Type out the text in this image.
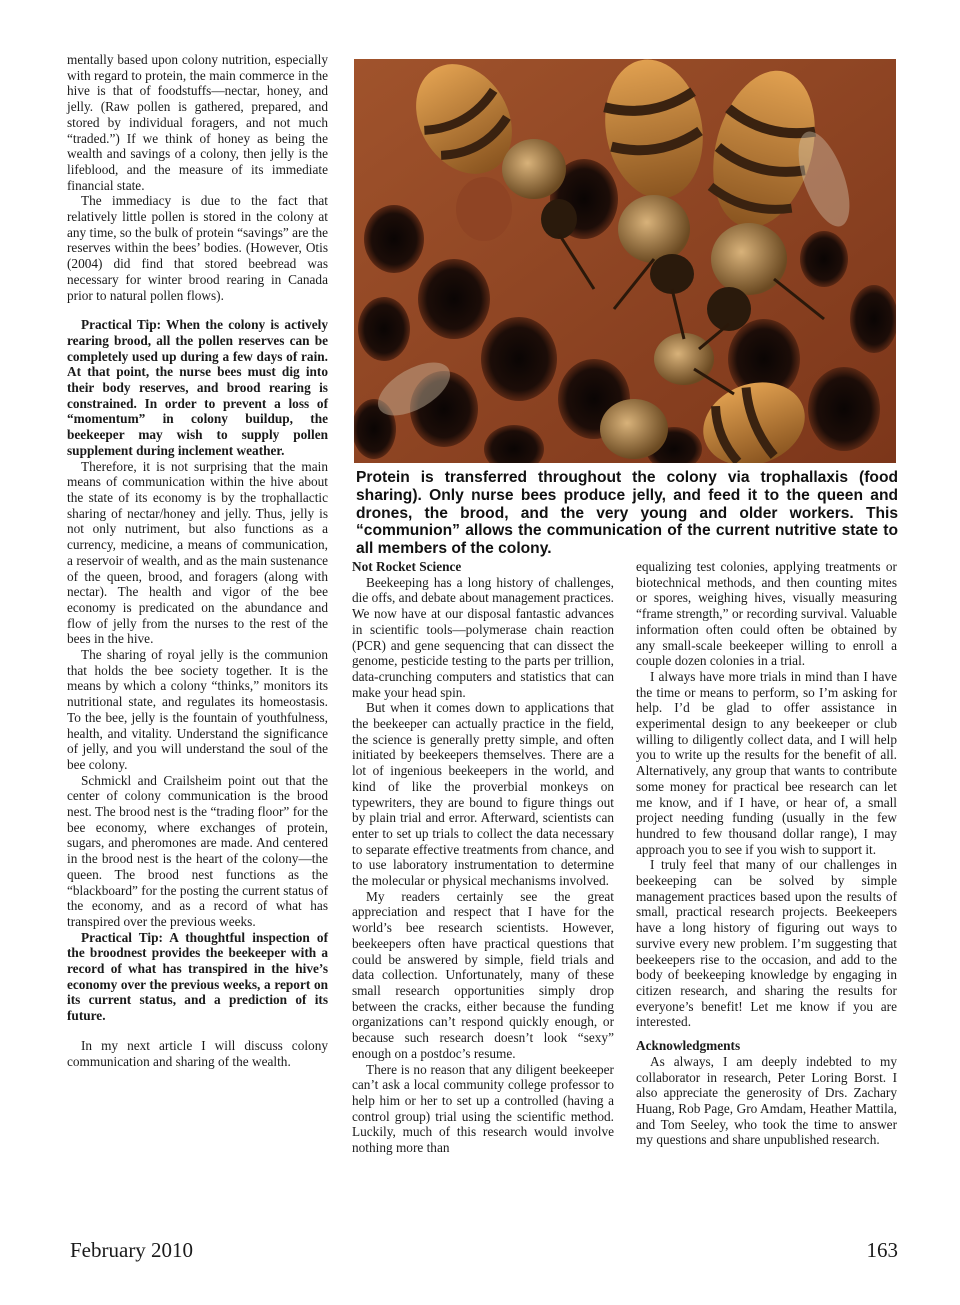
mentally based upon colony nutrition, especially with regard to protein, the main commerce in the hive is that of foodstuffs—nectar, honey, and jelly. (Raw pollen is gathered, prepared, and stored by individual foragers, and not much “traded.”) If we think of honey as being the wealth and savings of a colony, then jelly is the lifeblood, and the measure of its immediate financial state.

The immediacy is due to the fact that relatively little pollen is stored in the colony at any time, so the bulk of protein “savings” are the reserves within the bees’ bodies. (However, Otis (2004) did find that stored beebread was necessary for winter brood rearing in Canada prior to natural pollen flows).

Practical Tip: When the colony is actively rearing brood, all the pollen reserves can be completely used up during a few days of rain. At that point, the nurse bees must dig into their body reserves, and brood rearing is constrained. In order to prevent a loss of “momentum” in colony buildup, the beekeeper may wish to supply pollen supplement during inclement weather.

Therefore, it is not surprising that the main means of communication within the hive about the state of its economy is by the trophallactic sharing of nectar/honey and jelly. Thus, jelly is not only nutriment, but also functions as a currency, medicine, a means of communication, a reservoir of wealth, and as the main sustenance of the queen, brood, and foragers (along with nectar). The health and vigor of the bee economy is predicated on the abundance and flow of jelly from the nurses to the rest of the bees in the hive.

The sharing of royal jelly is the communion that holds the bee society together. It is the means by which a colony “thinks,” monitors its nutritional state, and regulates its homeostasis. To the bee, jelly is the fountain of youthfulness, health, and vitality. Understand the significance of jelly, and you will understand the soul of the bee colony.

Schmickl and Crailsheim point out that the center of colony communication is the brood nest. The brood nest is the “trading floor” for the bee economy, where exchanges of protein, sugars, and pheromones are made. And centered in the brood nest is the heart of the colony—the queen. The brood nest functions as the “blackboard” for the posting the current status of the economy, and as a record of what has transpired over the previous weeks.

Practical Tip: A thoughtful inspection of the broodnest provides the beekeeper with a record of what has transpired in the hive’s economy over the previous weeks, a report on its current status, and a prediction of its future.

In my next article I will discuss colony communication and sharing of the wealth.

Protein is transferred throughout the colony via trophallaxis (food sharing). Only nurse bees produce jelly, and feed it to the queen and drones, the brood, and the very young and older workers. This “communion” allows the communication of the current nutritive state to all members of the colony.
Not Rocket Science

Beekeeping has a long history of challenges, die offs, and debate about management practices. We now have at our disposal fantastic advances in scientific tools—polymerase chain reaction (PCR) and gene sequencing that can dissect the genome, pesticide testing to the parts per trillion, data-crunching computers and statistics that can make your head spin.

But when it comes down to applications that the beekeeper can actually practice in the field, the science is generally pretty simple, and often initiated by beekeepers themselves. There are a lot of ingenious beekeepers in the world, and kind of like the proverbial monkeys on typewriters, they are bound to figure things out by plain trial and error. Afterward, scientists can enter to set up trials to collect the data necessary to separate effective treatments from chance, and to use laboratory instrumentation to determine the molecular or physical mechanisms involved.

My readers certainly see the great appreciation and respect that I have for the world’s bee research scientists. However, beekeepers often have practical questions that could be answered by simple, field trials and data collection. Unfortunately, many of these small research opportunities simply drop between the cracks, either because the funding organizations can’t respond quickly enough, or because such research doesn’t look “sexy” enough on a postdoc’s resume.

There is no reason that any diligent beekeeper can’t ask a local community college professor to help him or her to set up a controlled (having a control group) trial using the scientific method. Luckily, much of this research would involve nothing more than

equalizing test colonies, applying treatments or biotechnical methods, and then counting mites or spores, weighing hives, visually measuring “frame strength,” or recording survival. Valuable information often could often be obtained by any small-scale beekeeper willing to enroll a couple dozen colonies in a trial.

I always have more trials in mind than I have the time or means to perform, so I’m asking for help. I’d be glad to offer assistance in experimental design to any beekeeper or club willing to diligently collect data, and I will help you to write up the results for the benefit of all. Alternatively, any group that wants to contribute some money for practical bee research can let me know, and if I have, or hear of, a small project needing funding (usually in the few hundred to few thousand dollar range), I may approach you to see if you wish to support it.

I truly feel that many of our challenges in beekeeping can be solved by simple management practices based upon the results of small, practical research projects. Beekeepers have a long history of figuring out ways to survive every new problem. I’m suggesting that beekeepers rise to the occasion, and add to the body of beekeeping knowledge by engaging in citizen research, and sharing the results for everyone’s benefit! Let me know if you are interested.

Acknowledgments

As always, I am deeply indebted to my collaborator in research, Peter Loring Borst. I also appreciate the generosity of Drs. Zachary Huang, Rob Page, Gro Amdam, Heather Mattila, and Tom Seeley, who took the time to answer my questions and share unpublished research.

February 2010	163
